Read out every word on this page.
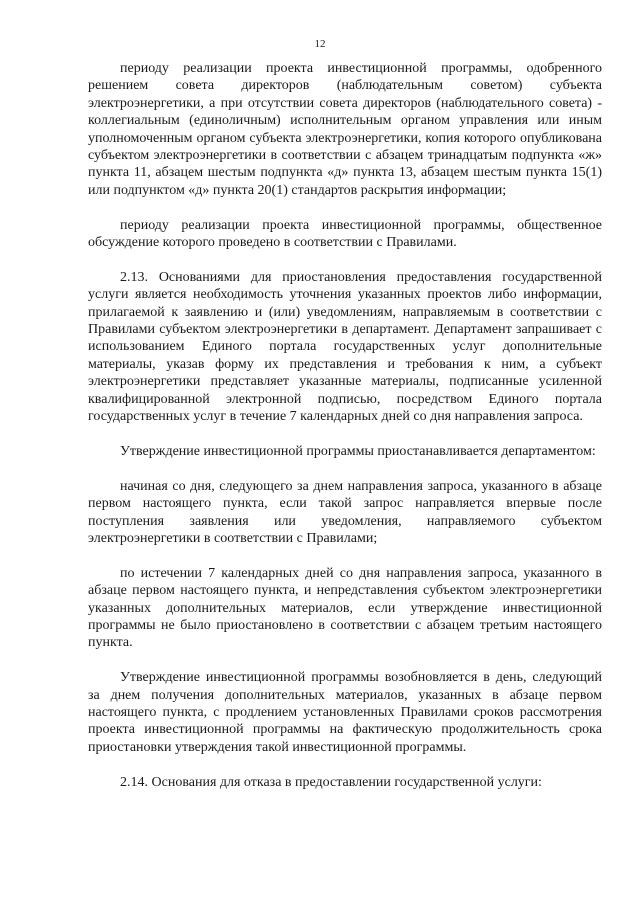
12

периоду реализации проекта инвестиционной программы, одобренного решением совета директоров (наблюдательным советом) субъекта электроэнергетики, а при отсутствии совета директоров (наблюдательного совета) - коллегиальным (единоличным) исполнительным органом управления или иным уполномоченным органом субъекта электроэнергетики, копия которого опубликована субъектом электроэнергетики в соответствии с абзацем тринадцатым подпункта «ж» пункта 11, абзацем шестым подпункта «д» пункта 13, абзацем шестым пункта 15(1) или подпунктом «д» пункта 20(1) стандартов раскрытия информации;

периоду реализации проекта инвестиционной программы, общественное обсуждение которого проведено в соответствии с Правилами.

2.13. Основаниями для приостановления предоставления государственной услуги является необходимость уточнения указанных проектов либо информации, прилагаемой к заявлению и (или) уведомлениям, направляемым в соответствии с Правилами субъектом электроэнергетики в департамент. Департамент запрашивает с использованием Единого портала государственных услуг дополнительные материалы, указав форму их представления и требования к ним, а субъект электроэнергетики представляет указанные материалы, подписанные усиленной квалифицированной электронной подписью, посредством Единого портала государственных услуг в течение 7 календарных дней со дня направления запроса.

Утверждение инвестиционной программы приостанавливается департаментом:

начиная со дня, следующего за днем направления запроса, указанного в абзаце первом настоящего пункта, если такой запрос направляется впервые после поступления заявления или уведомления, направляемого субъектом электроэнергетики в соответствии с Правилами;

по истечении 7 календарных дней со дня направления запроса, указанного в абзаце первом настоящего пункта, и непредставления субъектом электроэнергетики указанных дополнительных материалов, если утверждение инвестиционной программы не было приостановлено в соответствии с абзацем третьим настоящего пункта.

Утверждение инвестиционной программы возобновляется в день, следующий за днем получения дополнительных материалов, указанных в абзаце первом настоящего пункта, с продлением установленных Правилами сроков рассмотрения проекта инвестиционной программы на фактическую продолжительность срока приостановки утверждения такой инвестиционной программы.

2.14. Основания для отказа в предоставлении государственной услуги:
